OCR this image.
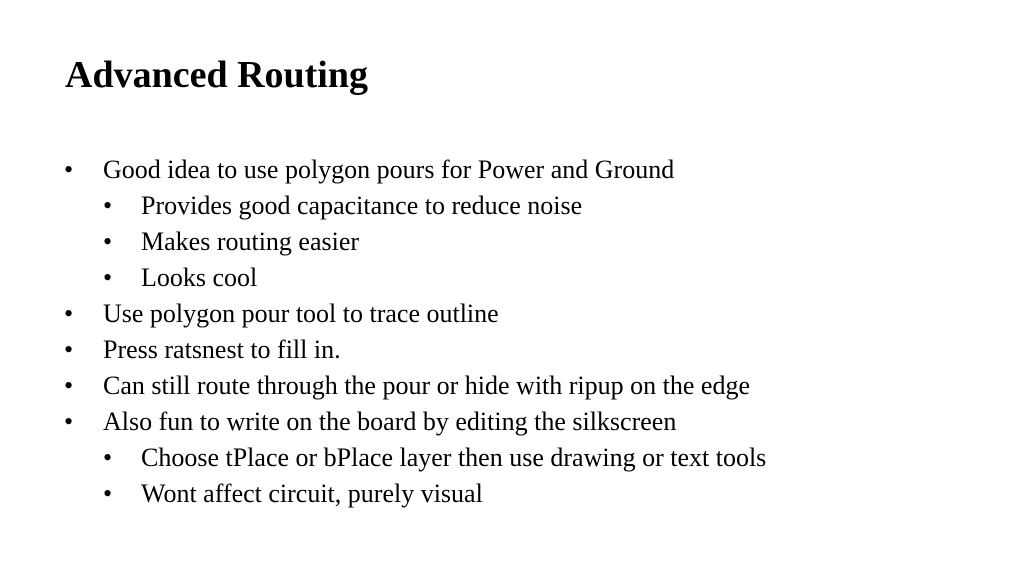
Advanced Routing
• Good idea to use polygon pours for Power and Ground
• Provides good capacitance to reduce noise
• Makes routing easier
• Looks cool
• Use polygon pour tool to trace outline
• Press ratsnest to fill in.
• Can still route through the pour or hide with ripup on the edge
• Also fun to write on the board by editing the silkscreen
• Choose tPlace or bPlace layer then use drawing or text tools
• Wont affect circuit, purely visual
